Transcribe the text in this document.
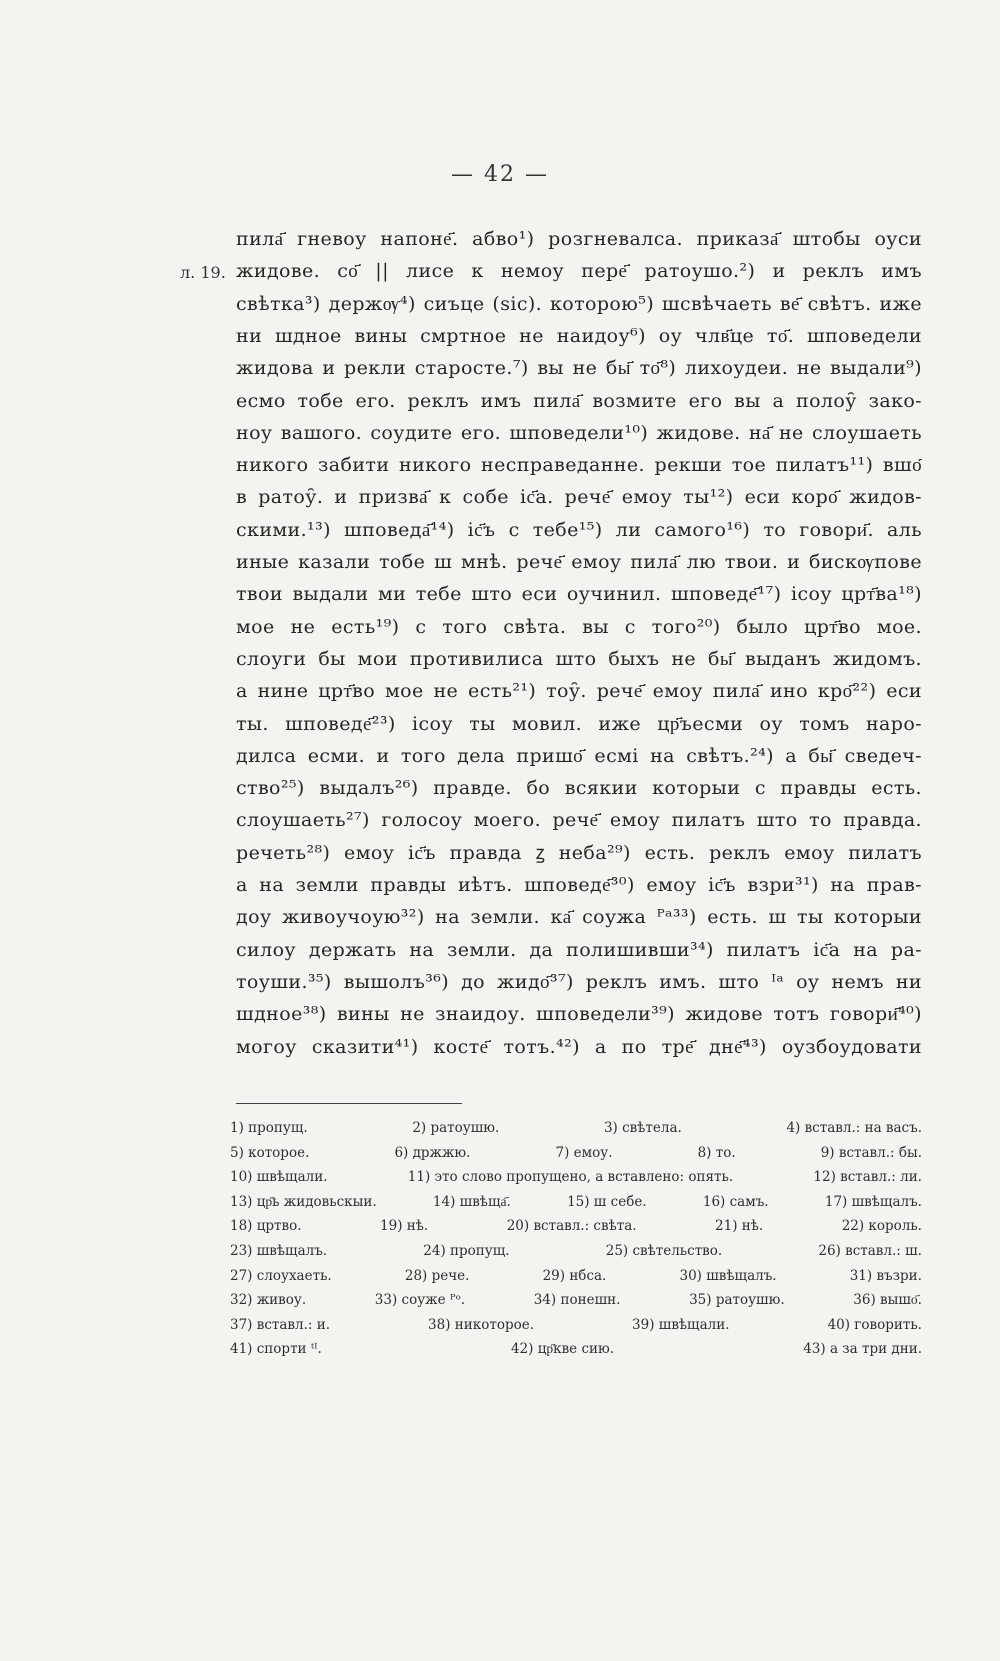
— 42 —
л. 19.
пила҃ гневоу напоне҃. абво¹) розгневалса. приказа҃ штобы оуси
жидове. со҃ || лисе к немоу пере҃ ратоушо.²) и реклъ имъ
свѣтка³) держѹ⁴) сиъце (sic). которою⁵) шсвѣчаеть ве҃ свѣтъ. иже
ни шдное вины смртное не наидоу⁶) оу члв҃це то҃. шповедели
жидова и рекли старосте.⁷) вы не бы҃ то҃⁸) лихоудеи. не выдали⁹)
есмо тобе его. реклъ имъ пила҃ возмите его вы а полоу̑ зако-
ноу вашого. соудите его. шповедели¹⁰) жидове. на҃ не слоушаеть
никого забити никого несправеданне. рекши тое пилатъ¹¹) вшо҃
в ратоу̑. и призва҃ к собе іс҃а. рече҃ емоу ты¹²) еси коро҃ жидов-
скими.¹³) шповеда҃¹⁴) іс҃ъ с тебе¹⁵) ли самого¹⁶) то говори҃. аль
иные казали тобе ш мнѣ. рече҃ емоу пила҃ лю твои. и бискѹпове
твои выдали ми тебе што еси оучинил. шповеде҃¹⁷) ісоу црт҃ва¹⁸)
мое не есть¹⁹) с того свѣта. вы с того²⁰) было црт҃во мое.
слоуги бы мои противилиса што быхъ не бы҃ выданъ жидомъ.
а нине црт҃во мое не есть²¹) тоу̑. рече҃ емоу пила҃ ино кро҃²²) еси
ты. шповеде҃²³) ісоу ты мовил. иже цр҃ъесми оу томъ наро-
дилса есми. и того дела пришо҃ есмі на свѣтъ.²⁴) а бы҃ сведеч-
ство²⁵) выдалъ²⁶) правде. бо всякии которыи с правды есть.
слоушаеть²⁷) голосоу моего. рече҃ емоу пилатъ што то правда.
речеть²⁸) емоу іс҃ъ правда ꙁ неба²⁹) есть. реклъ емоу пилатъ
а на земли правды иѣтъ. шповеде҃³⁰) емоу іс҃ъ взри³¹) на прав-
доу живоучоую³²) на земли. ка҃ соужа ᴾᵃ³³) есть. ш ты которыи
силоу держать на земли. да полишивши³⁴) пилатъ іс҃а на ра-
тоуши.³⁵) вышолъ³⁶) до жидо҃³⁷) реклъ имъ. што ᴵᵃ оу немъ ни
шдное³⁸) вины не знаидоу. шповедели³⁹) жидове тотъ говори҃⁴⁰)
могоу сказити⁴¹) косте҃ тотъ.⁴²) а по тре҃ дне҃⁴³) оузбоудовати
1) пропущ.	2) ратоушю.	3) свѣтела.	4) вставл.: на васъ.
5) которое.	6) држжю.	7) емоу.	8) то.	9) вставл.: бы.
10) швѣщали.	11) это слово пропущено, а вставлено: опять.	12) вставл.: ли.
13) цр҃ь жидовьскыи.	14) швѣща҃.	15) ш себе.	16) самъ.	17) швѣщалъ.
18) цртво.	19) нѣ.	20) вставл.: свѣта.	21) нѣ.	22) король.
23) швѣщалъ.	24) пропущ.	25) свѣтельство.	26) вставл.: ш.
27) слоухаеть.	28) рече.	29) нбса.	30) швѣщалъ.	31) възри.
32) живоу.	33) соуже ᴾᵒ.	34) понешн.	35) ратоушю.	36) вышо҃.
37) вставл.: и.	38) никоторое.	39) швѣщали.	40) говорить.
41) спорти ᵗᴵ.	42) цр҃кве сию.	43) а за три дни.
